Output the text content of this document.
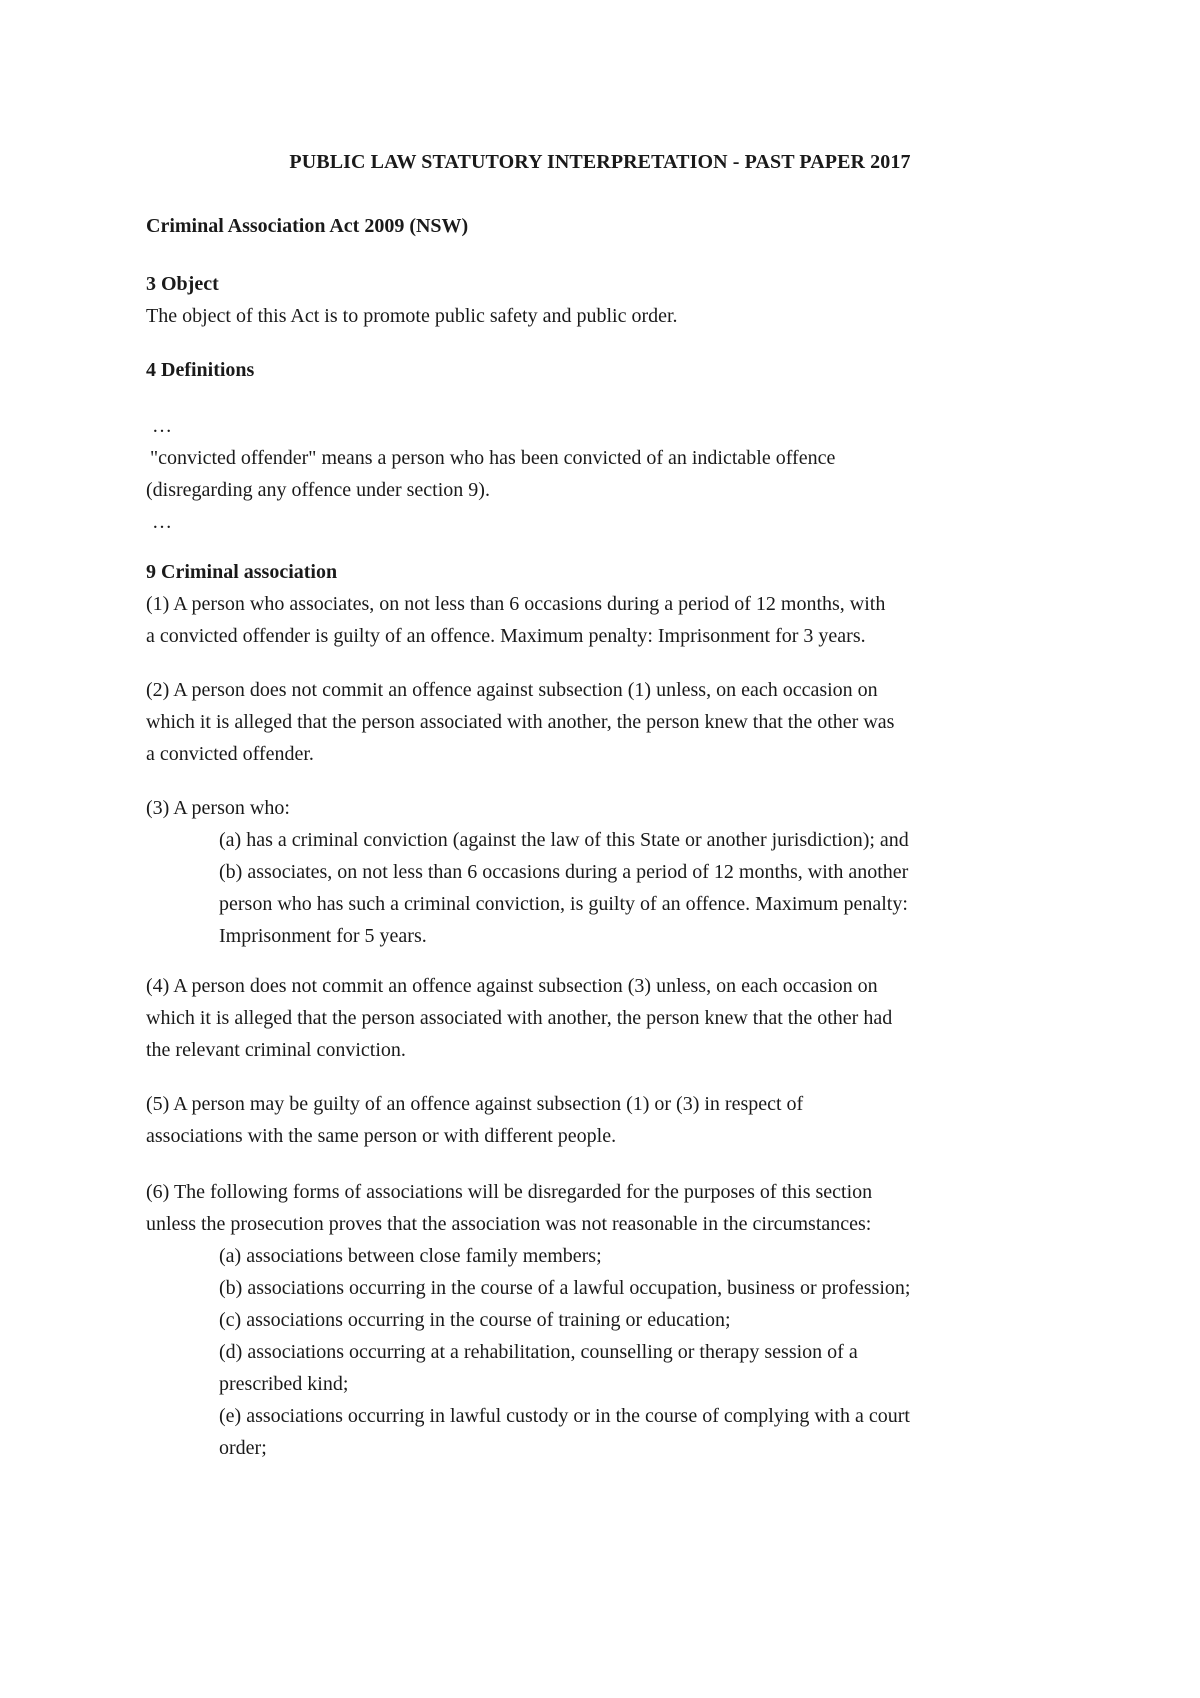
PUBLIC LAW STATUTORY INTERPRETATION - PAST PAPER 2017
Criminal Association Act 2009 (NSW)
3 Object
The object of this Act is to promote public safety and public order.
4 Definitions
…
"convicted offender" means a person who has been convicted of an indictable offence
(disregarding any offence under section 9).
…
9 Criminal association
(1) A person who associates, on not less than 6 occasions during a period of 12 months, with
a convicted offender is guilty of an offence. Maximum penalty: Imprisonment for 3 years.
(2) A person does not commit an offence against subsection (1) unless, on each occasion on
which it is alleged that the person associated with another, the person knew that the other was
a convicted offender.
(3) A person who:
(a) has a criminal conviction (against the law of this State or another jurisdiction); and
(b) associates, on not less than 6 occasions during a period of 12 months, with another
person who has such a criminal conviction, is guilty of an offence. Maximum penalty:
Imprisonment for 5 years.
(4) A person does not commit an offence against subsection (3) unless, on each occasion on
which it is alleged that the person associated with another, the person knew that the other had
the relevant criminal conviction.
(5) A person may be guilty of an offence against subsection (1) or (3) in respect of
associations with the same person or with different people.
(6) The following forms of associations will be disregarded for the purposes of this section
unless the prosecution proves that the association was not reasonable in the circumstances:
(a) associations between close family members;
(b) associations occurring in the course of a lawful occupation, business or profession;
(c) associations occurring in the course of training or education;
(d) associations occurring at a rehabilitation, counselling or therapy session of a
prescribed kind;
(e) associations occurring in lawful custody or in the course of complying with a court
order;
